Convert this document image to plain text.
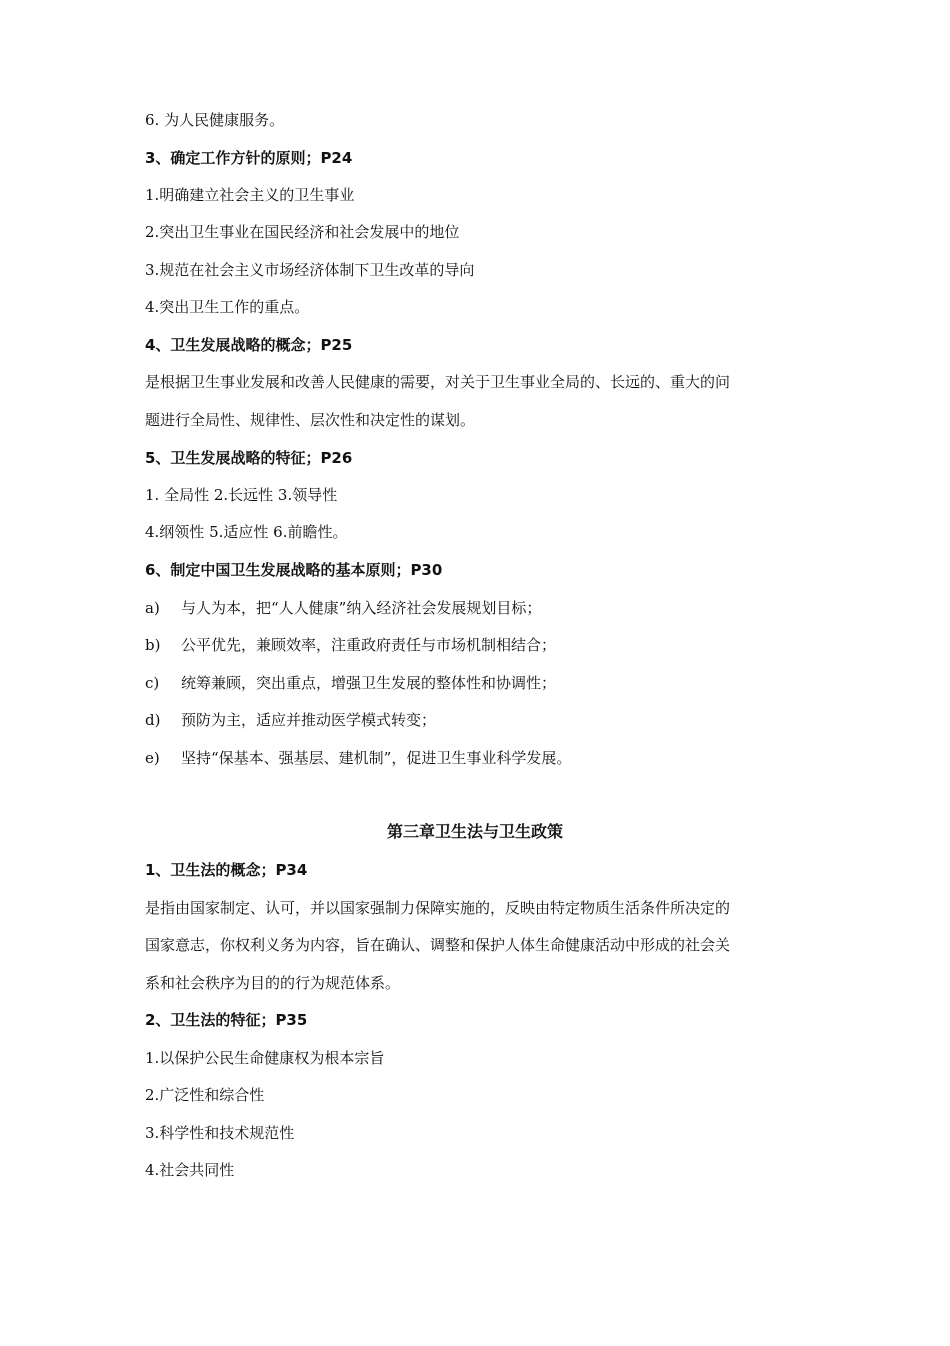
6. 为人民健康服务。
3、确定工作方针的原则；P24
1.明确建立社会主义的卫生事业
2.突出卫生事业在国民经济和社会发展中的地位
3.规范在社会主义市场经济体制下卫生改革的导向
4.突出卫生工作的重点。
4、卫生发展战略的概念；P25
是根据卫生事业发展和改善人民健康的需要，对关于卫生事业全局的、长远的、重大的问
题进行全局性、规律性、层次性和决定性的谋划。
5、卫生发展战略的特征；P26
1. 全局性 2.长远性 3.领导性
4.纲领性 5.适应性 6.前瞻性。
6、制定中国卫生发展战略的基本原则；P30
a)	与人为本，把“人人健康”纳入经济社会发展规划目标；
b)	公平优先，兼顾效率，注重政府责任与市场机制相结合；
c)	统筹兼顾，突出重点，增强卫生发展的整体性和协调性；
d)	预防为主，适应并推动医学模式转变；
e)	坚持“保基本、强基层、建机制”，促进卫生事业科学发展。
第三章卫生法与卫生政策
1、卫生法的概念；P34
是指由国家制定、认可，并以国家强制力保障实施的，反映由特定物质生活条件所决定的
国家意志，你权利义务为内容，旨在确认、调整和保护人体生命健康活动中形成的社会关
系和社会秩序为目的的行为规范体系。
2、卫生法的特征；P35
1.以保护公民生命健康权为根本宗旨
2.广泛性和综合性
3.科学性和技术规范性
4.社会共同性
